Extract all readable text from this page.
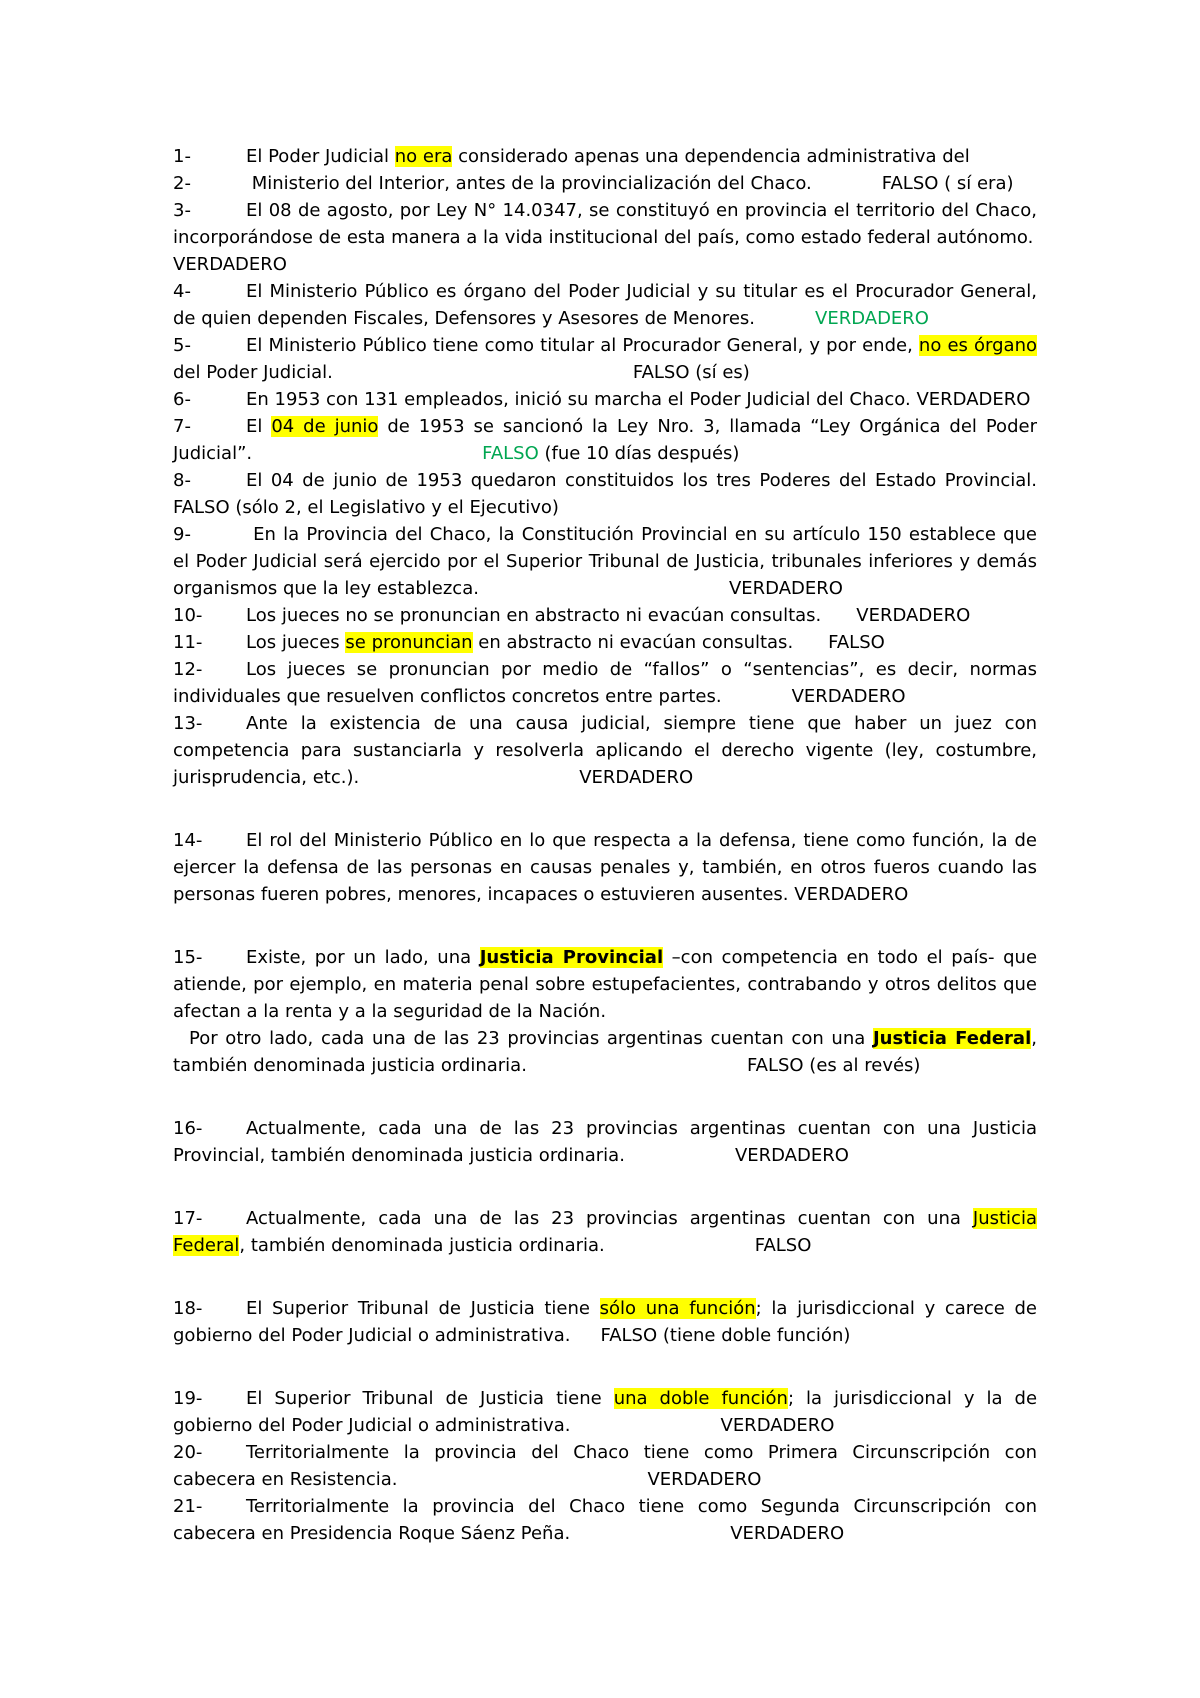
1-	El Poder Judicial no era considerado apenas una dependencia administrativa del

2-	Ministerio del Interior, antes de la provincialización del Chaco.	FALSO ( sí era)

3-	El 08 de agosto, por Ley N° 14.0347, se constituyó en provincia el territorio del Chaco, incorporándose de esta manera a la vida institucional del país, como estado federal autónomo.
VERDADERO

4-	El Ministerio Público es órgano del Poder Judicial y su titular es el Procurador General, de quien dependen Fiscales, Defensores y Asesores de Menores.	VERDADERO

5-	El Ministerio Público tiene como titular al Procurador General, y por ende, no es órgano del Poder Judicial.	FALSO (sí es)

6-	En 1953 con 131 empleados, inició su marcha el Poder Judicial del Chaco. VERDADERO

7-	El 04 de junio de 1953 se sancionó la Ley Nro. 3, llamada “Ley Orgánica del Poder Judicial”.	FALSO (fue 10 días después)

8-	El 04 de junio de 1953 quedaron constituidos los tres Poderes del Estado Provincial. FALSO (sólo 2, el Legislativo y el Ejecutivo)

9-	En la Provincia del Chaco, la Constitución Provincial en su artículo 150 establece que el Poder Judicial será ejercido por el Superior Tribunal de Justicia, tribunales inferiores y demás organismos que la ley establezca.	VERDADERO

10- Los jueces no se pronuncian en abstracto ni evacúan consultas. VERDADERO

11- Los jueces se pronuncian en abstracto ni evacúan consultas. FALSO

12- Los jueces se pronuncian por medio de “fallos” o “sentencias”, es decir, normas individuales que resuelven conflictos concretos entre partes.	VERDADERO

13- Ante la existencia de una causa judicial, siempre tiene que haber un juez con competencia para sustanciarla y resolverla aplicando el derecho vigente (ley, costumbre, jurisprudencia, etc.).	VERDADERO

14- El rol del Ministerio Público en lo que respecta a la defensa, tiene como función, la de ejercer la defensa de las personas en causas penales y, también, en otros fueros cuando las personas fueren pobres, menores, incapaces o estuvieren ausentes. VERDADERO

15- Existe, por un lado, una Justicia Provincial –con competencia en todo el país- que atiende, por ejemplo, en materia penal sobre estupefacientes, contrabando y otros delitos que afectan a la renta y a la seguridad de la Nación.
Por otro lado, cada una de las 23 provincias argentinas cuentan con una Justicia Federal, también denominada justicia ordinaria.	FALSO (es al revés)

16- Actualmente, cada una de las 23 provincias argentinas cuentan con una Justicia Provincial, también denominada justicia ordinaria.	VERDADERO

17- Actualmente, cada una de las 23 provincias argentinas cuentan con una Justicia Federal, también denominada justicia ordinaria.	FALSO

18- El Superior Tribunal de Justicia tiene sólo una función; la jurisdiccional y carece de gobierno del Poder Judicial o administrativa. FALSO (tiene doble función)

19- El Superior Tribunal de Justicia tiene una doble función; la jurisdiccional y la de gobierno del Poder Judicial o administrativa.	VERDADERO

20- Territorialmente la provincia del Chaco tiene como Primera Circunscripción con cabecera en Resistencia.	VERDADERO

21- Territorialmente la provincia del Chaco tiene como Segunda Circunscripción con cabecera en Presidencia Roque Sáenz Peña.	VERDADERO
